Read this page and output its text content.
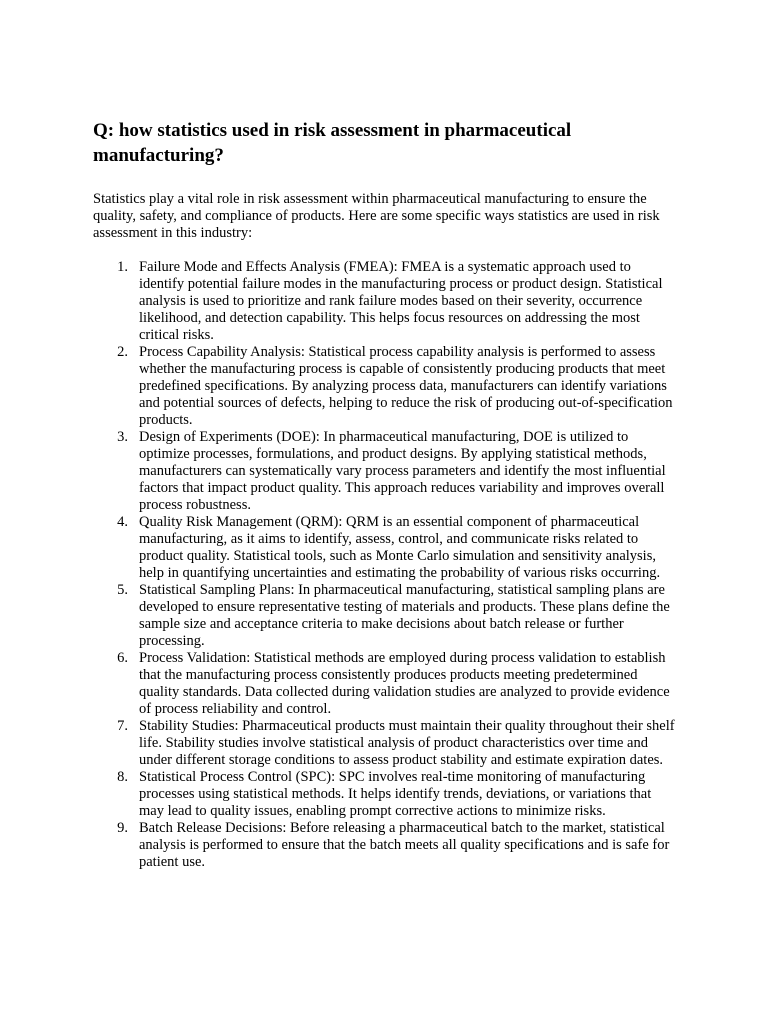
Q: how statistics used in risk assessment in pharmaceutical manufacturing?

Statistics play a vital role in risk assessment within pharmaceutical manufacturing to ensure the quality, safety, and compliance of products. Here are some specific ways statistics are used in risk assessment in this industry:

1. Failure Mode and Effects Analysis (FMEA): FMEA is a systematic approach used to identify potential failure modes in the manufacturing process or product design. Statistical analysis is used to prioritize and rank failure modes based on their severity, occurrence likelihood, and detection capability. This helps focus resources on addressing the most critical risks.
2. Process Capability Analysis: Statistical process capability analysis is performed to assess whether the manufacturing process is capable of consistently producing products that meet predefined specifications. By analyzing process data, manufacturers can identify variations and potential sources of defects, helping to reduce the risk of producing out-of-specification products.
3. Design of Experiments (DOE): In pharmaceutical manufacturing, DOE is utilized to optimize processes, formulations, and product designs. By applying statistical methods, manufacturers can systematically vary process parameters and identify the most influential factors that impact product quality. This approach reduces variability and improves overall process robustness.
4. Quality Risk Management (QRM): QRM is an essential component of pharmaceutical manufacturing, as it aims to identify, assess, control, and communicate risks related to product quality. Statistical tools, such as Monte Carlo simulation and sensitivity analysis, help in quantifying uncertainties and estimating the probability of various risks occurring.
5. Statistical Sampling Plans: In pharmaceutical manufacturing, statistical sampling plans are developed to ensure representative testing of materials and products. These plans define the sample size and acceptance criteria to make decisions about batch release or further processing.
6. Process Validation: Statistical methods are employed during process validation to establish that the manufacturing process consistently produces products meeting predetermined quality standards. Data collected during validation studies are analyzed to provide evidence of process reliability and control.
7. Stability Studies: Pharmaceutical products must maintain their quality throughout their shelf life. Stability studies involve statistical analysis of product characteristics over time and under different storage conditions to assess product stability and estimate expiration dates.
8. Statistical Process Control (SPC): SPC involves real-time monitoring of manufacturing processes using statistical methods. It helps identify trends, deviations, or variations that may lead to quality issues, enabling prompt corrective actions to minimize risks.
9. Batch Release Decisions: Before releasing a pharmaceutical batch to the market, statistical analysis is performed to ensure that the batch meets all quality specifications and is safe for patient use.
